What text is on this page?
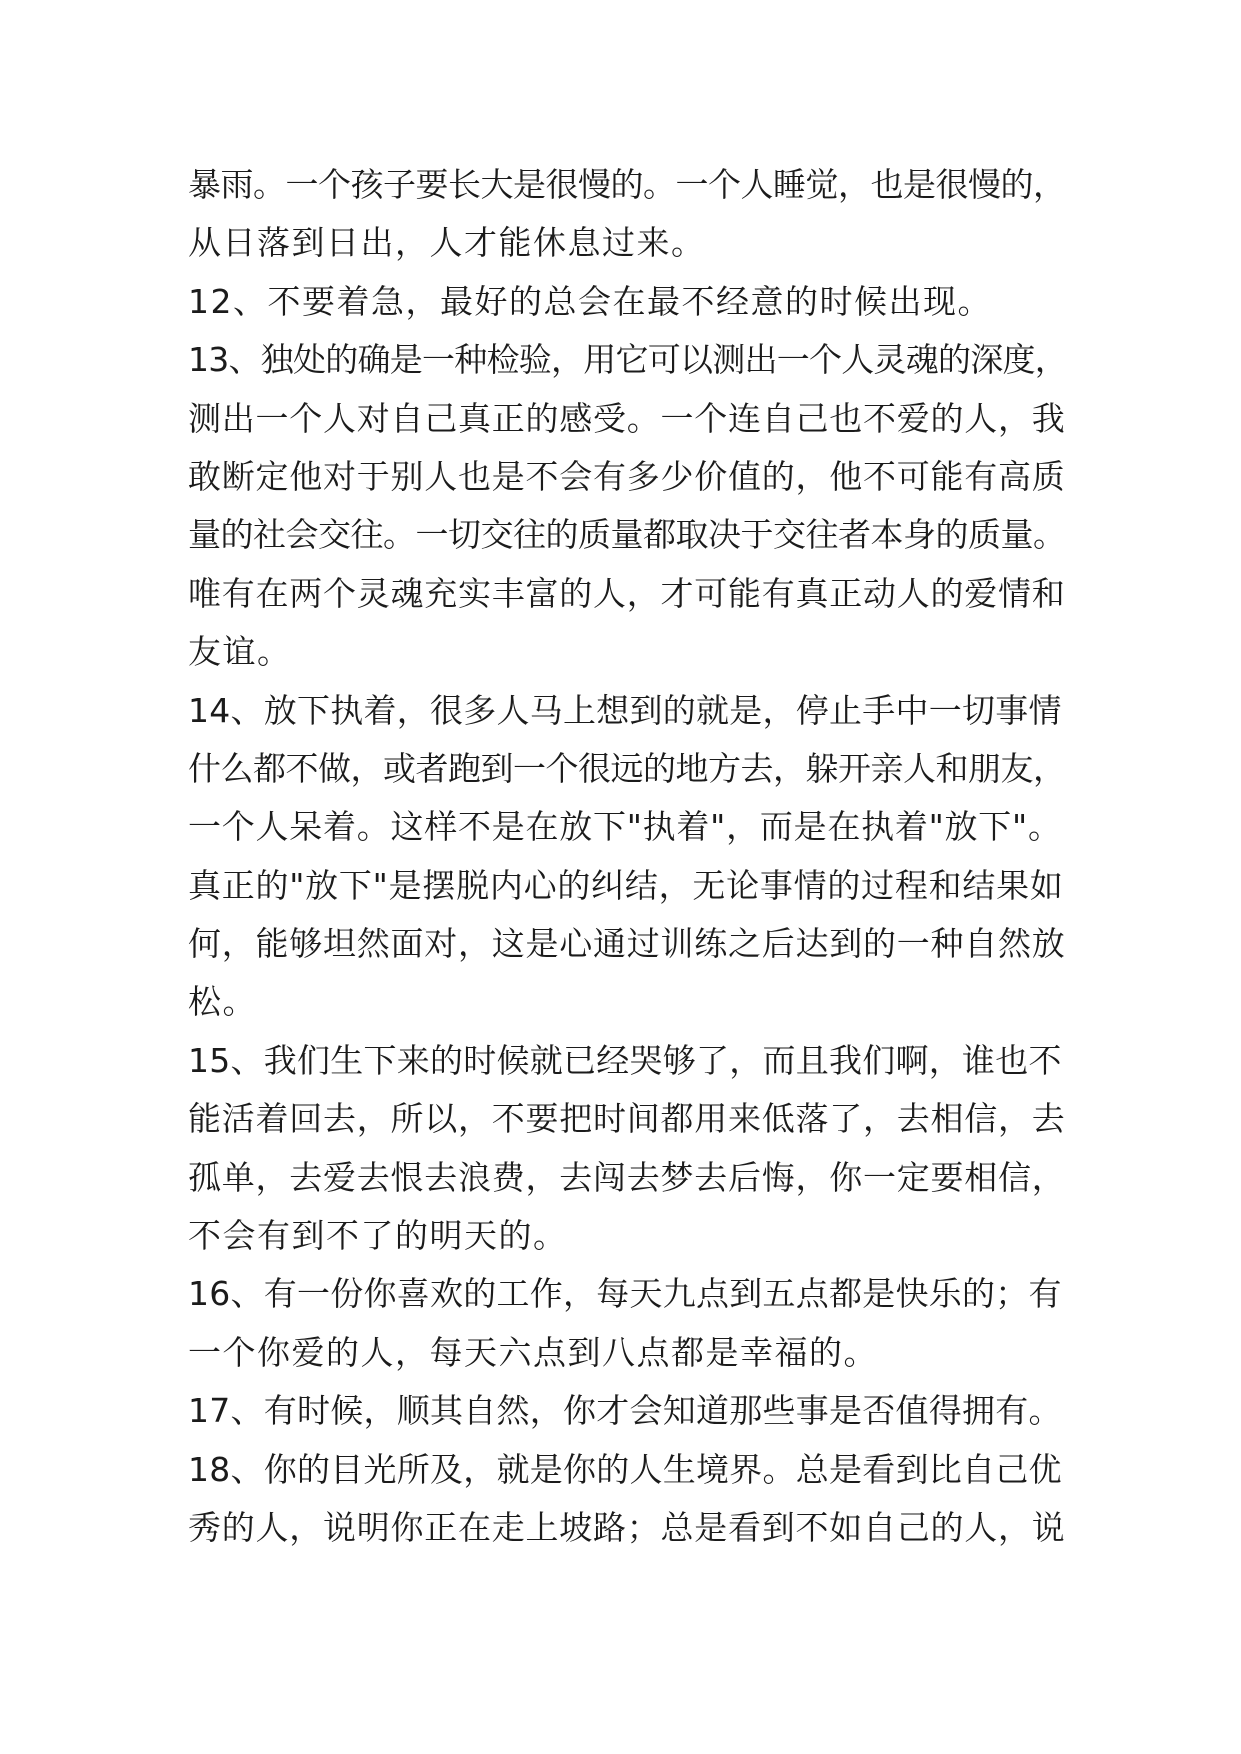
暴雨。一个孩子要长大是很慢的。一个人睡觉，也是很慢的，
从日落到日出，人才能休息过来。
12、不要着急，最好的总会在最不经意的时候出现。
13、独处的确是一种检验，用它可以测出一个人灵魂的深度，
测出一个人对自己真正的感受。一个连自己也不爱的人，我
敢断定他对于别人也是不会有多少价值的，他不可能有高质
量的社会交往。一切交往的质量都取决于交往者本身的质量。
唯有在两个灵魂充实丰富的人，才可能有真正动人的爱情和
友谊。
14、放下执着，很多人马上想到的就是，停止手中一切事情
什么都不做，或者跑到一个很远的地方去，躲开亲人和朋友，
一个人呆着。这样不是在放下"执着"，而是在执着"放下"。
真正的"放下"是摆脱内心的纠结，无论事情的过程和结果如
何，能够坦然面对，这是心通过训练之后达到的一种自然放
松。
15、我们生下来的时候就已经哭够了，而且我们啊，谁也不
能活着回去，所以，不要把时间都用来低落了，去相信，去
孤单，去爱去恨去浪费，去闯去梦去后悔，你一定要相信，
不会有到不了的明天的。
16、有一份你喜欢的工作，每天九点到五点都是快乐的；有
一个你爱的人，每天六点到八点都是幸福的。
17、有时候，顺其自然，你才会知道那些事是否值得拥有。
18、你的目光所及，就是你的人生境界。总是看到比自己优
秀的人，说明你正在走上坡路；总是看到不如自己的人，说
